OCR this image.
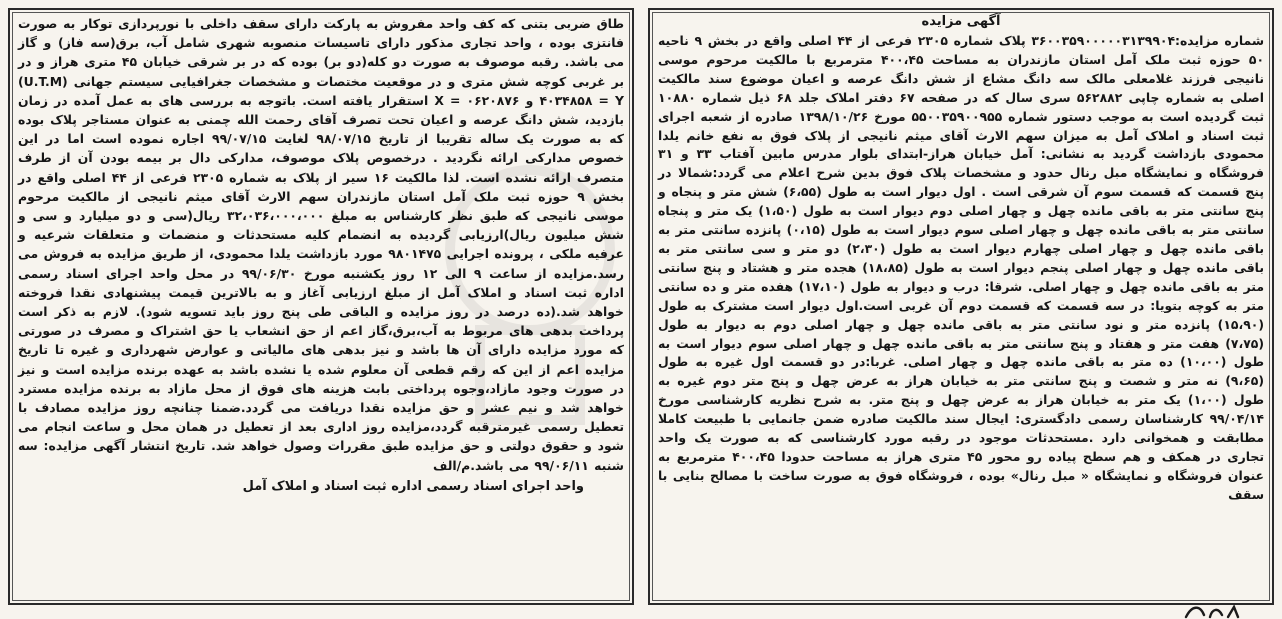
آگهی مزایده

شماره مزایده:۳۶۰۰۳۵۹۰۰۰۰۰۳۱۳۹۹۰۴ پلاک شماره ۲۳۰۵ فرعی از ۴۴ اصلی واقع در بخش ۹ ناحیه ۵۰ حوزه ثبت ملک آمل استان مازندران به مساحت ۴۰۰،۴۵ مترمربع با مالکیت مرحوم موسی نانیجی فرزند غلامعلی مالک سه دانگ مشاع از شش دانگ عرصه و اعیان موضوع سند مالکیت اصلی به شماره چاپی ۵۶۲۸۸۲ سری سال که در صفحه ۶۷ دفتر املاک جلد ۶۸ ذیل شماره ۱۰۸۸۰ ثبت گردیده است به موجب دستور شماره ۵۵۰۰۳۵۹۰۰۹۵۵ مورخ ۱۳۹۸/۱۰/۲۶ صادره از شعبه اجرای ثبت اسناد و املاک آمل به میزان سهم الارث آقای میثم نانیجی از پلاک فوق به نفع خانم یلدا محمودی بازداشت گردید به نشانی: آمل خیابان هراز-ابتدای بلوار مدرس مابین آفتاب ۳۳ و ۳۱ فروشگاه و نمایشگاه مبل رنال حدود و مشخصات پلاک فوق بدین شرح اعلام می گردد:شمالا در پنج قسمت که قسمت سوم آن شرقی است . اول دیوار است به طول (۶،۵۵) شش متر و پنجاه و پنج سانتی متر به باقی مانده چهل و چهار اصلی دوم دیوار است به طول (۱،۵۰) یک متر و پنجاه سانتی متر به باقی مانده چهل و چهار اصلی سوم دیوار است به طول (۰،۱۵) پانزده سانتی متر به باقی مانده چهل و چهار اصلی چهارم دیوار است به طول (۲،۳۰) دو متر و سی سانتی متر به باقی مانده چهل و چهار اصلی پنجم دیوار است به طول (۱۸،۸۵) هجده متر و هشتاد و پنج سانتی متر به باقی مانده چهل و چهار اصلی. شرقا: درب و دیوار به طول (۱۷،۱۰) هفده متر و ده سانتی متر به کوچه بتویا: در سه قسمت که قسمت دوم آن غربی است.اول دیوار است مشترک به طول (۱۵،۹۰) پانزده متر و نود سانتی متر به باقی مانده چهل و چهار اصلی دوم به دیوار به طول (۷،۷۵) هفت متر و هفتاد و پنج سانتی متر به باقی مانده چهل و چهار اصلی سوم دیوار است به طول (۱۰،۰۰) ده متر به باقی مانده چهل و چهار اصلی. غربا:در دو قسمت اول غیره به طول (۹،۶۵) نه متر و شصت و پنج سانتی متر به خیابان هراز به عرض چهل و پنج متر دوم غیره به طول (۱،۰۰) یک متر به خیابان هراز به عرض چهل و پنج متر. به شرح نظریه کارشناسی مورخ ۹۹/۰۴/۱۴ کارشناسان رسمی دادگستری: ایجال سند مالکیت صادره ضمن جانمایی با طبیعت کاملا مطابقت و همخوانی دارد .مستحدثات موجود در رقبه مورد کارشناسی که به صورت یک واحد تجاری در همکف و هم سطح پیاده رو محور ۴۵ متری هراز به مساحت حدودا ۴۰۰،۴۵ مترمربع به عنوان فروشگاه و نمایشگاه « مبل رنال» بوده ، فروشگاه فوق به صورت ساخت با مصالح بنایی با سقف

طاق ضربی بتنی که کف واحد مفروش به پارکت دارای سقف داخلی با نورپردازی توکار به صورت فانتزی بوده ، واحد تجاری مذکور دارای تاسیسات منصوبه شهری شامل آب، برق(سه فاز) و گاز می باشد. رقبه موصوف به صورت دو کله(دو بر) بوده که در بر شرقی خیابان ۴۵ متری هراز و در بر غربی کوچه شش متری و در موقعیت مختصات و مشخصات جغرافیایی سیستم جهانی (U.T.M) ۴۰۳۴۸۵۸ = Y و ۰۶۲۰۸۷۶ = X استقرار یافته است. باتوجه به بررسی های به عمل آمده در زمان بازدید، شش دانگ عرصه و اعیان تحت تصرف آقای رحمت الله چمنی به عنوان مستاجر پلاک بوده که به صورت یک ساله تقریبا از تاریخ ۹۸/۰۷/۱۵ لغایت ۹۹/۰۷/۱۵ اجاره نموده است اما در این خصوص مدارکی ارائه نگردید . درخصوص پلاک موصوف، مدارکی دال بر بیمه بودن آن از طرف متصرف ارائه نشده است. لذا مالکیت ۱۶ سیر از پلاک به شماره ۲۳۰۵ فرعی از ۴۴ اصلی واقع در بخش ۹ حوزه ثبت ملک آمل استان مازندران سهم الارث آقای میثم نانیجی از مالکیت مرحوم موسی نانیجی که طبق نظر کارشناس به مبلغ ۳۲،۰۳۶،۰۰۰،۰۰۰ ریال(سی و دو میلیارد و سی و شش میلیون ریال)ارزیابی گردیده به انضمام کلیه مستحدثات و منضمات و متعلقات شرعیه و عرفیه ملکی ، پرونده اجرایی ۹۸۰۱۴۷۵ مورد بازداشت یلدا محمودی، از طریق مزایده به فروش می رسد.مزایده از ساعت ۹ الی ۱۲ روز یکشنبه مورخ ۹۹/۰۶/۳۰ در محل واحد اجرای اسناد رسمی اداره ثبت اسناد و املاک آمل از مبلغ ارزیابی آغاز و به بالاترین قیمت پیشنهادی نقدا فروخته خواهد شد.(ده درصد در روز مزایده و الباقی طی پنج روز باید تسویه شود). لازم به ذکر است پرداخت بدهی های مربوط به آب،برق،گاز اعم از حق انشعاب یا حق اشتراک و مصرف در صورتی که مورد مزایده دارای آن ها باشد و نیز بدهی های مالیاتی و عوارض شهرداری و غیره تا تاریخ مزایده اعم از این که رقم قطعی آن معلوم شده یا نشده باشد به عهده برنده مزایده است و نیز در صورت وجود مازاد،وجوه پرداختی بابت هزینه های فوق از محل مازاد به برنده مزایده مسترد خواهد شد و نیم عشر و حق مزایده نقدا دریافت می گردد.ضمنا چنانچه روز مزایده مصادف با تعطیل رسمی غیرمترقبه گردد،مزایده روز اداری بعد از تعطیل در همان محل و ساعت انجام می شود و حقوق دولتی و حق مزایده طبق مقررات وصول خواهد شد. تاریخ انتشار آگهی مزایده: سه شنبه ۹۹/۰۶/۱۱ می باشد.م/الف

واحد اجرای اسناد رسمی اداره ثبت اسناد و املاک آمل
